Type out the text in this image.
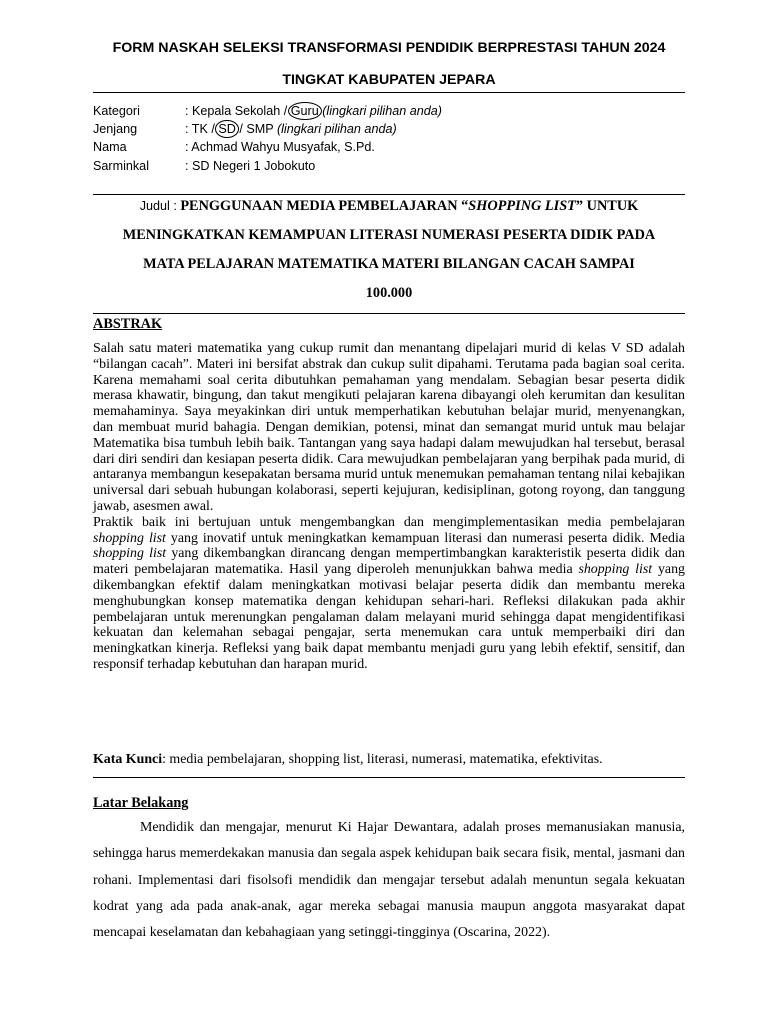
FORM NASKAH SELEKSI TRANSFORMASI PENDIDIK BERPRESTASI TAHUN 2024
TINGKAT KABUPATEN JEPARA
Kategori	: Kepala Sekolah / Guru (lingkari pilihan anda)
Jenjang	: TK / SD / SMP (lingkari pilihan anda)
Nama	: Achmad Wahyu Musyafak, S.Pd.
Sarminkal	: SD Negeri 1 Jobokuto
Judul : PENGGUNAAN MEDIA PEMBELAJARAN “SHOPPING LIST” UNTUK
MENINGKATKAN KEMAMPUAN LITERASI NUMERASI PESERTA DIDIK PADA
MATA PELAJARAN MATEMATIKA MATERI BILANGAN CACAH SAMPAI
100.000
ABSTRAK

Salah satu materi matematika yang cukup rumit dan menantang dipelajari murid di kelas V SD adalah “bilangan cacah”. Materi ini bersifat abstrak dan cukup sulit dipahami. Terutama pada bagian soal cerita. Karena memahami soal cerita dibutuhkan pemahaman yang mendalam. Sebagian besar peserta didik merasa khawatir, bingung, dan takut mengikuti pelajaran karena dibayangi oleh kerumitan dan kesulitan memahaminya. Saya meyakinkan diri untuk memperhatikan kebutuhan belajar murid, menyenangkan, dan membuat murid bahagia. Dengan demikian, potensi, minat dan semangat murid untuk mau belajar Matematika bisa tumbuh lebih baik. Tantangan yang saya hadapi dalam mewujudkan hal tersebut, berasal dari diri sendiri dan kesiapan peserta didik. Cara mewujudkan pembelajaran yang berpihak pada murid, di antaranya membangun kesepakatan bersama murid untuk menemukan pemahaman tentang nilai kebajikan universal dari sebuah hubungan kolaborasi, seperti kejujuran, kedisiplinan, gotong royong, dan tanggung jawab, asesmen awal.

Praktik baik ini bertujuan untuk mengembangkan dan mengimplementasikan media pembelajaran shopping list yang inovatif untuk meningkatkan kemampuan literasi dan numerasi peserta didik. Media shopping list yang dikembangkan dirancang dengan mempertimbangkan karakteristik peserta didik dan materi pembelajaran matematika. Hasil yang diperoleh menunjukkan bahwa media shopping list yang dikembangkan efektif dalam meningkatkan motivasi belajar peserta didik dan membantu mereka menghubungkan konsep matematika dengan kehidupan sehari-hari. Refleksi dilakukan pada akhir pembelajaran untuk merenungkan pengalaman dalam melayani murid sehingga dapat mengidentifikasi kekuatan dan kelemahan sebagai pengajar, serta menemukan cara untuk memperbaiki diri dan meningkatkan kinerja. Refleksi yang baik dapat membantu menjadi guru yang lebih efektif, sensitif, dan responsif terhadap kebutuhan dan harapan murid.

Kata Kunci: media pembelajaran, shopping list, literasi, numerasi, matematika, efektivitas.
Latar Belakang

Mendidik dan mengajar, menurut Ki Hajar Dewantara, adalah proses memanusiakan manusia, sehingga harus memerdekakan manusia dan segala aspek kehidupan baik secara fisik, mental, jasmani dan rohani. Implementasi dari fisolsofi mendidik dan mengajar tersebut adalah menuntun segala kekuatan kodrat yang ada pada anak-anak, agar mereka sebagai manusia maupun anggota masyarakat dapat mencapai keselamatan dan kebahagiaan yang setinggi-tingginya (Oscarina, 2022).
